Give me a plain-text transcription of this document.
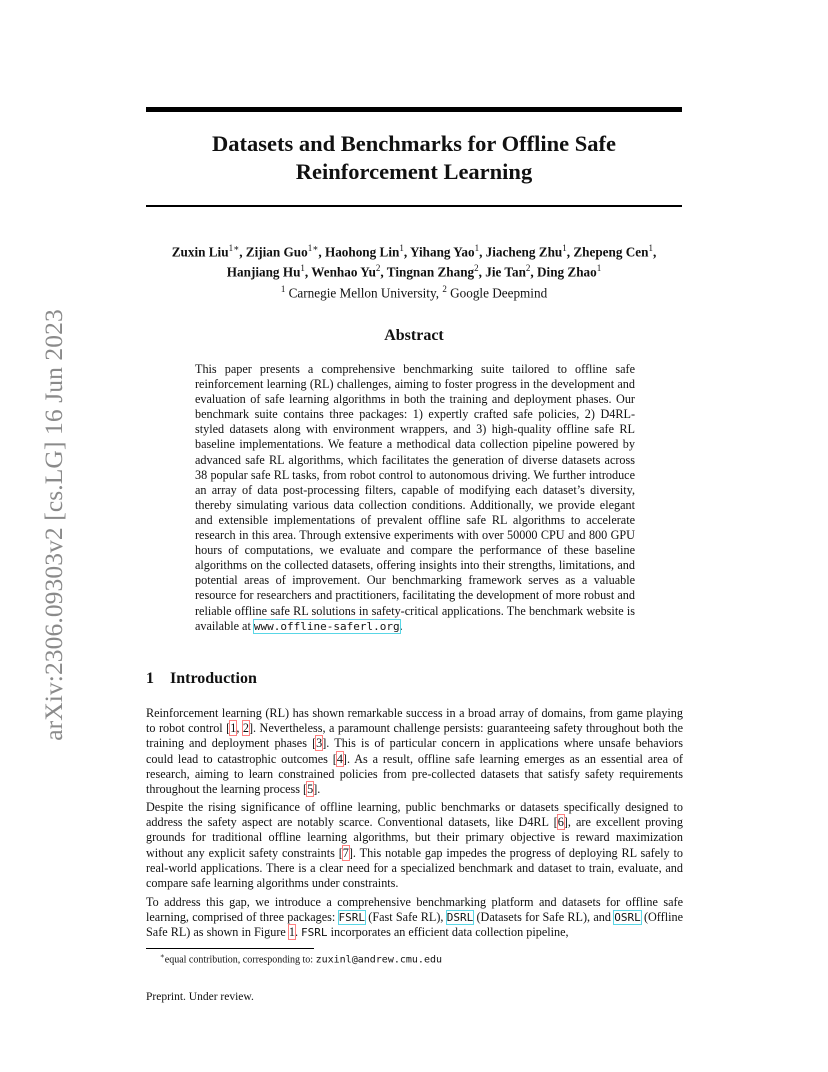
arXiv:2306.09303v2 [cs.LG] 16 Jun 2023
Datasets and Benchmarks for Offline Safe
Reinforcement Learning
Zuxin Liu$^{1∗}$, Zijian Guo$^{1∗}$, Haohong Lin$^1$, Yihang Yao$^1$, Jiacheng Zhu$^1$, Zhepeng Cen$^1$,
Hanjiang Hu$^1$, Wenhao Yu$^2$, Tingnan Zhang$^2$, Jie Tan$^2$, Ding Zhao$^1$
$^1$ Carnegie Mellon University, $^2$ Google Deepmind
Abstract
This paper presents a comprehensive benchmarking suite tailored to offline safe reinforcement learning (RL) challenges, aiming to foster progress in the development and evaluation of safe learning algorithms in both the training and deployment phases. Our benchmark suite contains three packages: 1) expertly crafted safe policies, 2) D4RL-styled datasets along with environment wrappers, and 3) high-quality offline safe RL baseline implementations. We feature a methodical data collection pipeline powered by advanced safe RL algorithms, which facilitates the generation of diverse datasets across 38 popular safe RL tasks, from robot control to autonomous driving. We further introduce an array of data post-processing filters, capable of modifying each dataset’s diversity, thereby simulating various data collection conditions. Additionally, we provide elegant and extensible implementations of prevalent offline safe RL algorithms to accelerate research in this area. Through extensive experiments with over 50000 CPU and 800 GPU hours of computations, we evaluate and compare the performance of these baseline algorithms on the collected datasets, offering insights into their strengths, limitations, and potential areas of improvement. Our benchmarking framework serves as a valuable resource for researchers and practitioners, facilitating the development of more robust and reliable offline safe RL solutions in safety-critical applications. The benchmark website is available at www.offline-saferl.org.
1 Introduction
Reinforcement learning (RL) has shown remarkable success in a broad array of domains, from game playing to robot control [1, 2]. Nevertheless, a paramount challenge persists: guaranteeing safety throughout both the training and deployment phases [3]. This is of particular concern in applications where unsafe behaviors could lead to catastrophic outcomes [4]. As a result, offline safe learning emerges as an essential area of research, aiming to learn constrained policies from pre-collected datasets that satisfy safety requirements throughout the learning process [5].
Despite the rising significance of offline learning, public benchmarks or datasets specifically designed to address the safety aspect are notably scarce. Conventional datasets, like D4RL [6], are excellent proving grounds for traditional offline learning algorithms, but their primary objective is reward maximization without any explicit safety constraints [7]. This notable gap impedes the progress of deploying RL safely to real-world applications. There is a clear need for a specialized benchmark and dataset to train, evaluate, and compare safe learning algorithms under constraints.
To address this gap, we introduce a comprehensive benchmarking platform and datasets for offline safe learning, comprised of three packages: FSRL (Fast Safe RL), DSRL (Datasets for Safe RL), and OSRL (Offline Safe RL) as shown in Figure 1. FSRL incorporates an efficient data collection pipeline,
∗equal contribution, corresponding to: zuxinl@andrew.cmu.edu
Preprint. Under review.
